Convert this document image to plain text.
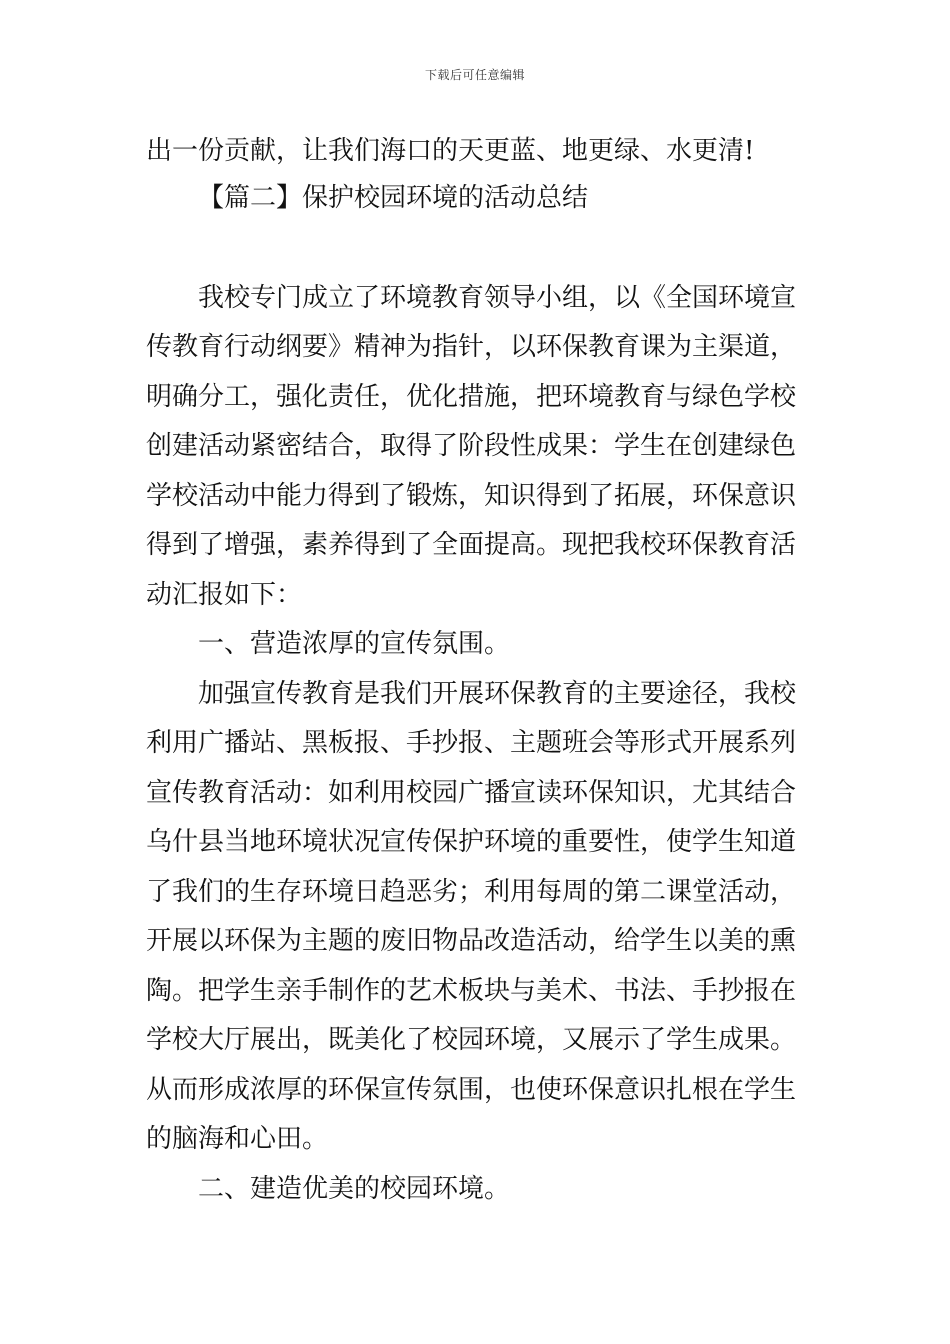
下载后可任意编辑
出一份贡献，让我们海口的天更蓝、地更绿、水更清!
【篇二】保护校园环境的活动总结
我校专门成立了环境教育领导小组，以《全国环境宣
传教育行动纲要》精神为指针，以环保教育课为主渠道，
明确分工，强化责任，优化措施，把环境教育与绿色学校
创建活动紧密结合，取得了阶段性成果：学生在创建绿色
学校活动中能力得到了锻炼，知识得到了拓展，环保意识
得到了增强，素养得到了全面提高。现把我校环保教育活
动汇报如下：
一、营造浓厚的宣传氛围。
加强宣传教育是我们开展环保教育的主要途径，我校
利用广播站、黑板报、手抄报、主题班会等形式开展系列
宣传教育活动：如利用校园广播宣读环保知识，尤其结合
乌什县当地环境状况宣传保护环境的重要性，使学生知道
了我们的生存环境日趋恶劣；利用每周的第二课堂活动，
开展以环保为主题的废旧物品改造活动，给学生以美的熏
陶。把学生亲手制作的艺术板块与美术、书法、手抄报在
学校大厅展出，既美化了校园环境，又展示了学生成果。
从而形成浓厚的环保宣传氛围，也使环保意识扎根在学生
的脑海和心田。
二、建造优美的校园环境。
